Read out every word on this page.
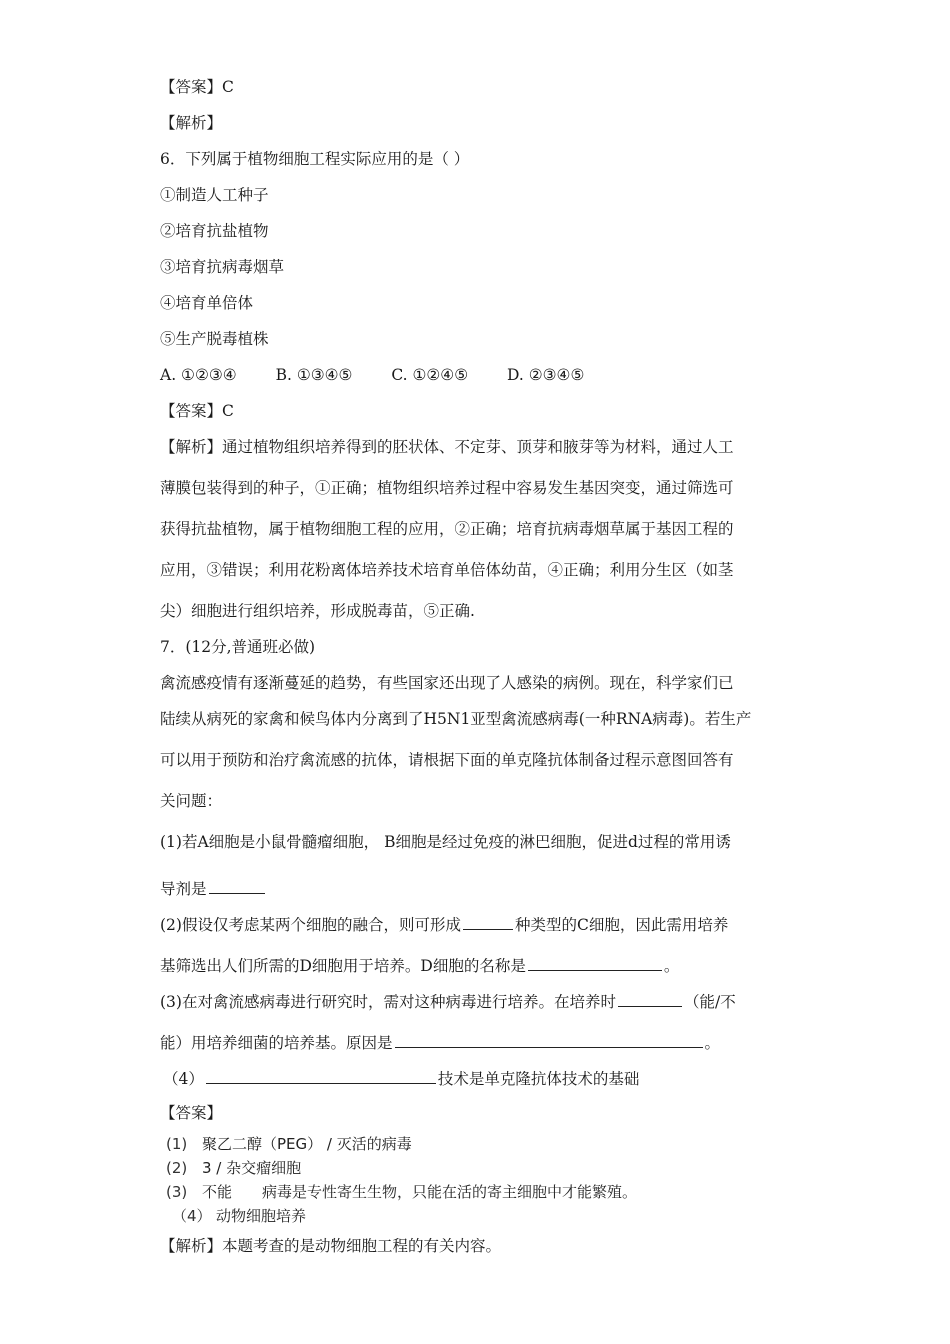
【答案】C
【解析】
6．下列属于植物细胞工程实际应用的是（ ）
①制造人工种子
②培育抗盐植物
③培育抗病毒烟草
④培育单倍体
⑤生产脱毒植株
A. ①②③④	B. ①③④⑤	C. ①②④⑤	D. ②③④⑤
【答案】C
【解析】通过植物组织培养得到的胚状体、不定芽、顶芽和腋芽等为材料，通过人工
薄膜包装得到的种子，①正确；植物组织培养过程中容易发生基因突变，通过筛选可
获得抗盐植物，属于植物细胞工程的应用，②正确；培育抗病毒烟草属于基因工程的
应用，③错误；利用花粉离体培养技术培育单倍体幼苗，④正确；利用分生区（如茎
尖）细胞进行组织培养，形成脱毒苗，⑤正确.
7．(12分,普通班必做)
禽流感疫情有逐渐蔓延的趋势，有些国家还出现了人感染的病例。现在，科学家们已
陆续从病死的家禽和候鸟体内分离到了H5N1亚型禽流感病毒(一种RNA病毒)。若生产
可以用于预防和治疗禽流感的抗体，请根据下面的单克隆抗体制备过程示意图回答有
关问题：
(1)若A细胞是小鼠骨髓瘤细胞， B细胞是经过免疫的淋巴细胞，促进d过程的常用诱
导剂是
(2)假设仅考虑某两个细胞的融合，则可形成	种类型的C细胞，因此需用培养
基筛选出人们所需的D细胞用于培养。D细胞的名称是	。
(3)在对禽流感病毒进行研究时，需对这种病毒进行培养。在培养时	（能/不
能）用培养细菌的培养基。原因是	。
（4）	技术是单克隆抗体技术的基础
【答案】
(1) 聚乙二醇（PEG） / 灭活的病毒
(2) 3 / 杂交瘤细胞
(3) 不能　　病毒是专性寄生生物，只能在活的寄主细胞中才能繁殖。
（4） 动物细胞培养
【解析】本题考查的是动物细胞工程的有关内容。
